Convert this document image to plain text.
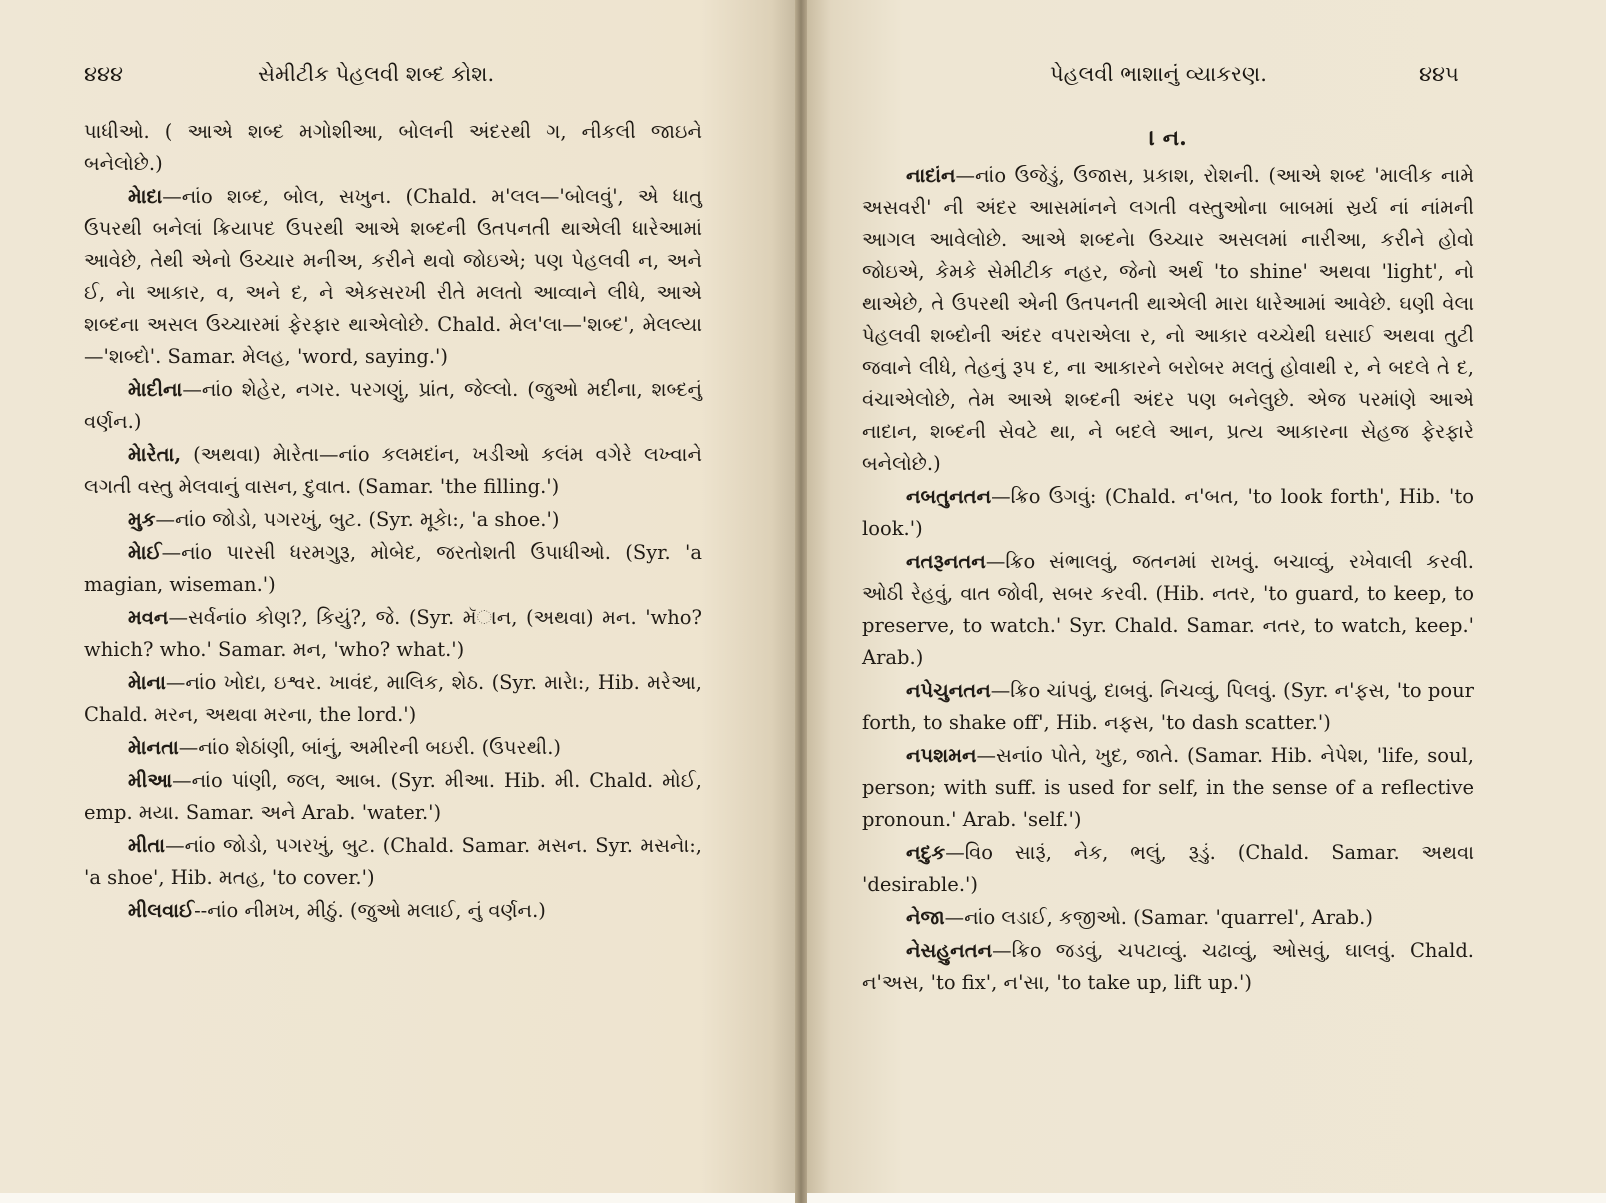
૪૪૪	સેમીટીક પેહલવી શબ્દ કોશ.

પાધીઓ. ( આએ શબ્દ મગોશીઆ, બોલની અંદરથી ગ, નીકલી જાઇને બનેલોછે.)

મેાદા—નાંo શબ્દ, બોલ, સખુન. (Chald. મ'લલ—'બોલવું', એ ધાતુ ઉપરથી બનેલાં ક્રિયાપદ ઉપરથી આએ શબ્દની ઉતપનતી થાએલી ધારેઆમાં આવેછે, તેથી એનો ઉચ્ચાર મનીઅ, કરીને થવો જોઇએ; પણ પેહલવી ન, અને ઈ, નેા આકાર, વ, અને દ, ને એકસરખી રીતે મલતો આવ્વાને લીધે, આએ શબ્દના અસલ ઉચ્ચારમાં ફેરફાર થાએલોછે. Chald. મેલ'લા—'શબ્દ', મેલલ્યા—'શબ્દો'. Samar. મેલહ, 'word, saying.')

મેાદીના—નાંo શેહેર, નગર. પરગણું, પ્રાંત, જેલ્લો. (જુઓ મદીના, શબ્દનું વર્ણન.)

મેારેતા, (અથવા) મેારેતા—નાંo કલમદાંન, ખડીઓ કલંમ વગેરે લખ્વાને લગતી વસ્તુ મેલવાનું વાસન, દુવાત. (Samar. 'the filling.')

મુક—નાંo જોડો, પગરખું, બુટ. (Syr. મૂકેા:, 'a shoe.')

મેાઈ—નાંo પારસી ધરમગુરૂ, મોબેદ, જરતોશતી ઉપાધીઓ. (Syr. 'a magian, wiseman.')

મવન—સર્વનાંo કોણ?, કિયું?, જે. (Syr. મૅાન, (અથવા) મન. 'who? which? who.' Samar. મન, 'who? what.')

મેાના—નાંo ખોદા, ઇશ્વર. ખાવંદ, માલિક, શેઠ. (Syr. મારેા:, Hib. મરેઆ, Chald. મરન, અથવા મરના, the lord.')

મેાનતા—નાંo શેઠાંણી, બાંનું, અમીરની બઇરી. (ઉપરથી.)

મીઆ—નાંo પાંણી, જલ, આબ. (Syr. મીઆ. Hib. મી. Chald. મોઈ, emp. મયા. Samar. અને Arab. 'water.')

મીતા—નાંo જોડો, પગરખું, બુટ. (Chald. Samar. મસન. Syr. મસનેા:, 'a shoe', Hib. મતહ, 'to cover.')

મીલવાઈ--નાંo નીમખ, મીઠું. (જુઓ મલાઈ, નું વર્ણન.)

પેહલવી ભાશાનું વ્યાકરણ.	૪૪૫

। ન.

નાદાંન—નાંo ઉજેડું, ઉજાસ, પ્રકાશ, રોશની. (આએ શબ્દ 'માલીક નામે અસવરી' ની અંદર આસમાંનને લગતી વસ્તુઓના બાબમાં સ્રર્ય નાં નાંમની આગલ આવેલોછે. આએ શબ્દનેા ઉચ્ચાર અસલમાં નારીઆ, કરીને હોવો જોઇએ, કેમકે સેમીટીક નહર, જેનો અર્થ 'to shine' અથવા 'light', નો થાએછે, તે ઉપરથી એની ઉતપનતી થાએલી મારા ધારેઆમાં આવેછે. ઘણી વેલા પેહલવી શબ્દોની અંદર વપરાએલા ર, નો આકાર વચ્ચેથી ઘસાઈ અથવા તુટી જવાને લીધે, તેહનું રૂપ દ, ના આકારને બરોબર મલતું હોવાથી ર, ને બદલે તે દ, વંચાએલોછે, તેમ આએ શબ્દની અંદર પણ બનેલુછે. એજ પરમાંણે આએ નાદાન, શબ્દની સેવટે થા, ને બદલે આન, પ્રત્ય આકારના સેહજ ફેરફારે બનેલોછે.)

નબતુનતન—ક્રિo ઉગવું: (Chald. ન'બત, 'to look forth', Hib. 'to look.')

નતરૂનતન—ક્રિo સંભાલવું, જતનમાં રાખવું. બચાવ્વું, રખેવાલી કરવી. ઓઠી રેહવું, વાત જોવી, સબર કરવી. (Hib. નતર, 'to guard, to keep, to preserve, to watch.' Syr. Chald. Samar. નતર, to watch, keep.' Arab.)

નપેચુનતન—ક્રિo ચાંપવું, દાબવું. નિચવ્વું, પિલવું. (Syr. ન'ફસ, 'to pour forth, to shake off', Hib. નફસ, 'to dash scatter.')

નપશમન—સનાંo પોતે, ખુદ, જાતે. (Samar. Hib. નેપેશ, 'life, soul, person; with suff. is used for self, in the sense of a reflective pronoun.' Arab. 'self.')

નદુક—વિo સારૂં, નેક, ભલું, રૂડું. (Chald. Samar. અથવા 'desirable.')

નેજા—નાંo લડાઈ, કજીઓ. (Samar. 'quarrel', Arab.)

નેસહુનતન—ક્રિo જડવું, ચપટાવ્વું. ચઢાવ્વું, ઓસવું, ઘાલવું. Chald. ન'અસ, 'to fix', ન'સા, 'to take up, lift up.')
